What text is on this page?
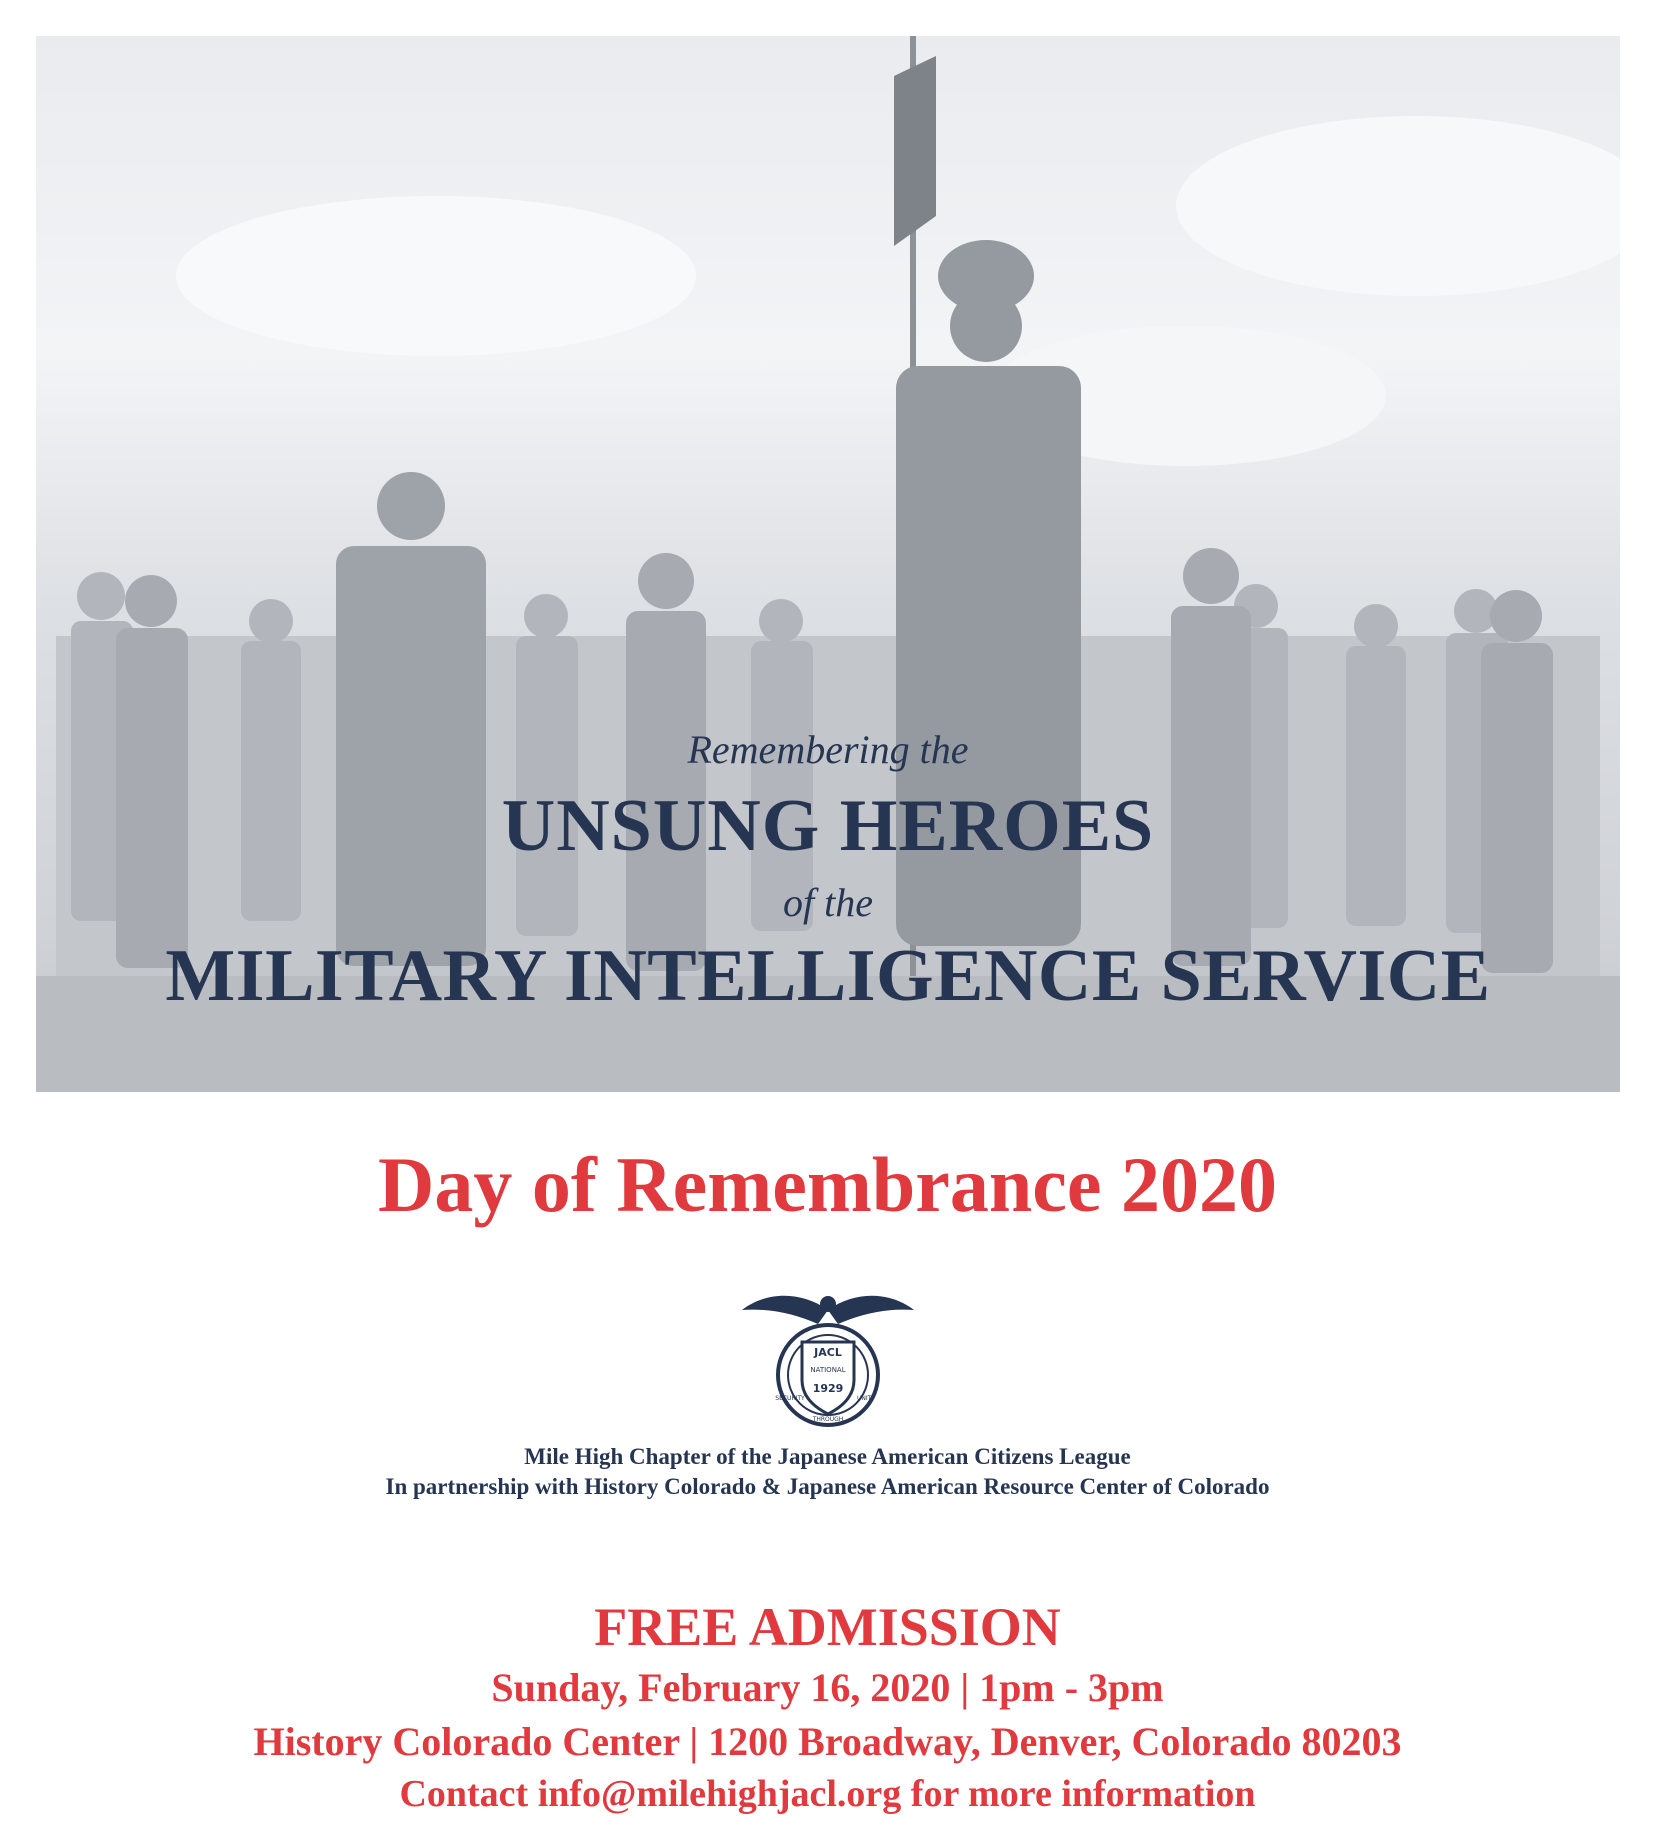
Remembering the
UNSUNG HEROES
of the
MILITARY INTELLIGENCE SERVICE
Day of Remembrance 2020
JACL
NATIONAL
1929
SECURITY
THROUGH
UNITY
Mile High Chapter of the Japanese American Citizens League
In partnership with History Colorado & Japanese American Resource Center of Colorado
FREE ADMISSION
Sunday, February 16, 2020 | 1pm - 3pm
History Colorado Center | 1200 Broadway, Denver, Colorado 80203
Contact info@milehighjacl.org for more information
